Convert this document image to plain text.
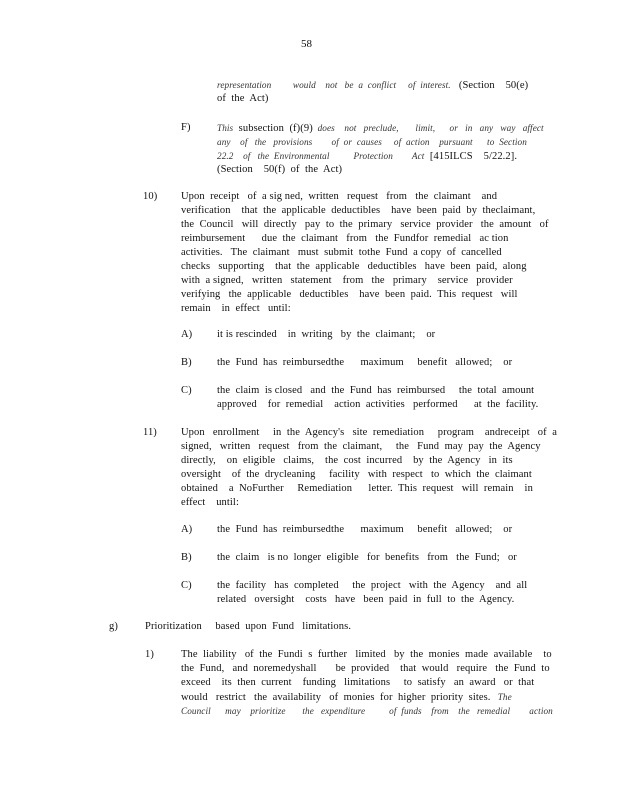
58
representation         would    not   be  a  conflict     of  interest.   (Section    50(e)
of  the  Act)
F)	This  subsection  (f)(9)  does    not   preclude,       limit,      or   in   any   way   affect
any    of   the   provisions        of  or  causes     of  action    pursuant      to  Section
22.2    of   the  Environmental          Protection        Act  [415ILCS    5/22.2].
(Section    50(f)  of  the  Act)
10) Upon  receipt   of  a sig ned,  written   request   from   the  claimant    and
verification    that  the  applicable  deductibles    have  been  paid  by  theclaimant,
the  Council   will  directly   pay  to  the  primary   service  provider   the  amount   of
reimbursement      due  the  claimant   from   the  Fundfor  remedial   ac tion
activities.   The  claimant   must  submit  tothe  Fund  a copy  of  cancelled
checks   supporting    that  the  applicable   deductibles   have  been  paid,  along
with  a signed,   written   statement    from   the   primary    service   provider
verifying   the  applicable   deductibles    have  been  paid.  This  request   will
remain    in  effect   until:
A) it is rescinded    in  writing   by  the  claimant;    or
B) the  Fund  has  reimbursedthe      maximum     benefit   allowed;    or
C) the  claim  is closed   and  the  Fund  has  reimbursed     the  total  amount
approved    for  remedial    action  activities   performed      at  the  facility.
11) Upon   enrollment     in  the  Agency's   site  remediation     program    andreceipt   of  a
signed,   written   request   from  the  claimant,     the   Fund  may  pay  the  Agency
directly,    on  eligible   claims,    the  cost  incurred    by  the  Agency   in  its
oversight    of  the  drycleaning     facility   with  respect   to  which  the  claimant
obtained    a  NoFurther     Remediation      letter.  This  request   will  remain    in
effect    until:
A) the  Fund  has  reimbursedthe      maximum     benefit   allowed;    or
B) the  claim   is no  longer  eligible   for  benefits   from   the  Fund;   or
C) the  facility   has  completed     the  project   with  the  Agency    and  all
related   oversight    costs   have   been  paid  in  full  to  the  Agency.
g)	Prioritization     based  upon  Fund   limitations.
1)	The  liability   of  the  Fundi  s  further   limited   by  the  monies  made  available    to
the  Fund,   and  noremedyshall       be  provided    that  would   require   the  Fund  to
exceed    its  then  current    funding   limitations     to  satisfy   an  award   or  that
would   restrict   the  availability   of  monies  for  higher  priority  sites.   The
Council      may    prioritize       the   expenditure          of  funds    from    the   remedial        action
